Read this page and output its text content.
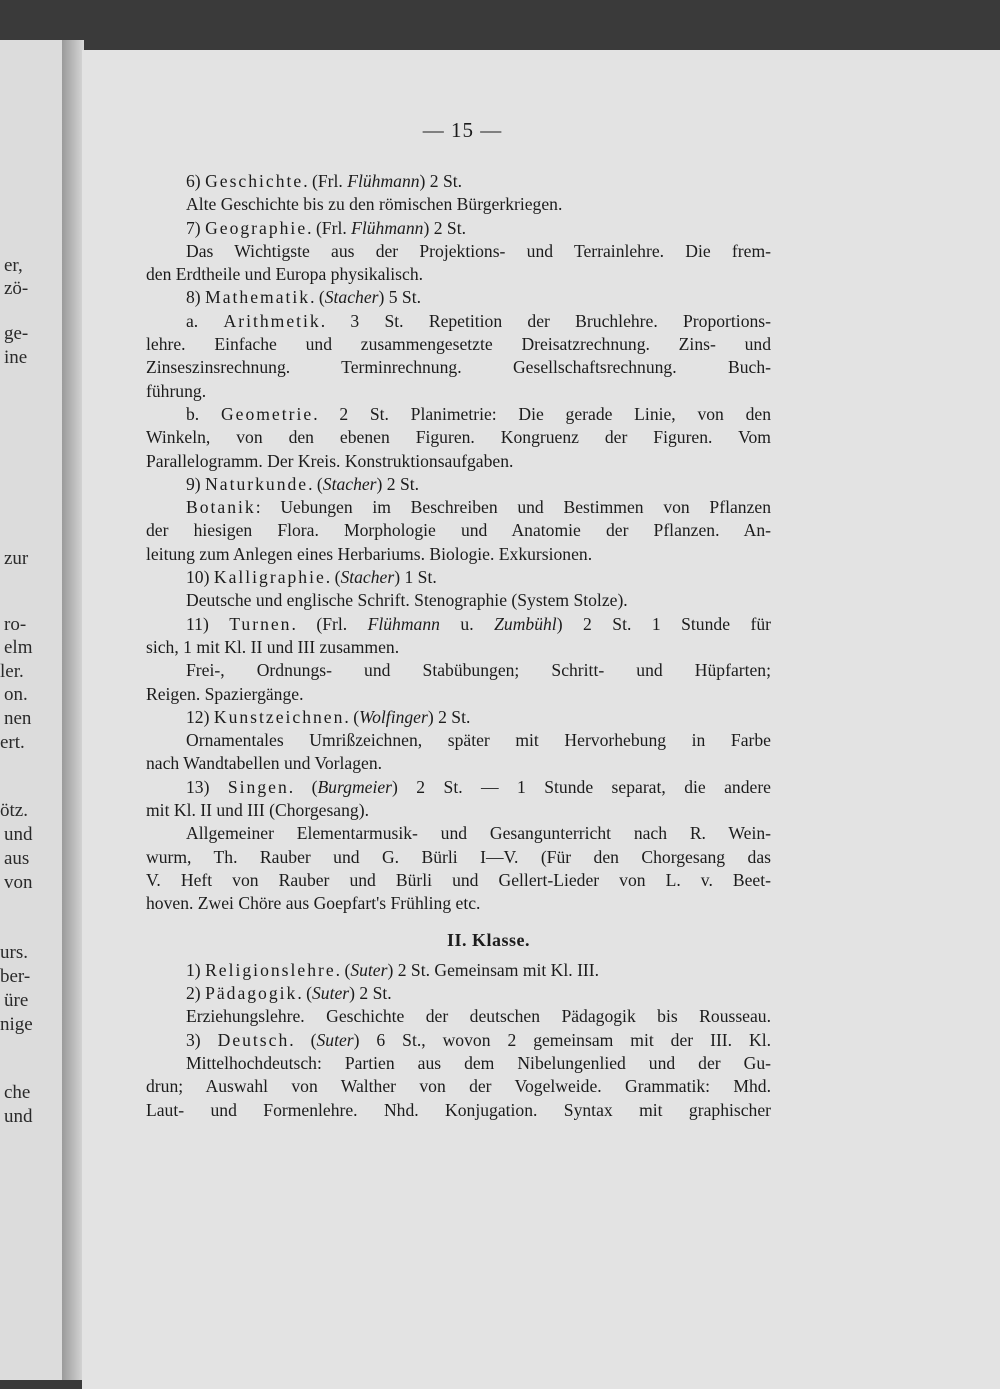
er,
zö-
ge-
ine
zur
ro-
elm
ler.
on.
nen
ert.
ötz.
und
aus
von
urs.
ber-
üre
nige
che
und
— 15 —
6) Geschichte. (Frl. Flühmann) 2 St.
Alte Geschichte bis zu den römischen Bürgerkriegen.
7) Geographie. (Frl. Flühmann) 2 St.
Das Wichtigste aus der Projektions- und Terrainlehre. Die frem-
den Erdtheile und Europa physikalisch.
8) Mathematik. (Stacher) 5 St.
a. Arithmetik. 3 St. Repetition der Bruchlehre. Proportions-
lehre. Einfache und zusammengesetzte Dreisatzrechnung. Zins- und
Zinseszinsrechnung. Terminrechnung. Gesellschaftsrechnung. Buch-
führung.
b. Geometrie. 2 St. Planimetrie: Die gerade Linie, von den
Winkeln, von den ebenen Figuren. Kongruenz der Figuren. Vom
Parallelogramm. Der Kreis. Konstruktionsaufgaben.
9) Naturkunde. (Stacher) 2 St.
Botanik: Uebungen im Beschreiben und Bestimmen von Pflanzen
der hiesigen Flora. Morphologie und Anatomie der Pflanzen. An-
leitung zum Anlegen eines Herbariums. Biologie. Exkursionen.
10) Kalligraphie. (Stacher) 1 St.
Deutsche und englische Schrift. Stenographie (System Stolze).
11) Turnen. (Frl. Flühmann u. Zumbühl) 2 St. 1 Stunde für
sich, 1 mit Kl. II und III zusammen.
Frei-, Ordnungs- und Stabübungen; Schritt- und Hüpfarten;
Reigen. Spaziergänge.
12) Kunstzeichnen. (Wolfinger) 2 St.
Ornamentales Umrißzeichnen, später mit Hervorhebung in Farbe
nach Wandtabellen und Vorlagen.
13) Singen. (Burgmeier) 2 St. — 1 Stunde separat, die andere
mit Kl. II und III (Chorgesang).
Allgemeiner Elementarmusik- und Gesangunterricht nach R. Wein-
wurm, Th. Rauber und G. Bürli I—V. (Für den Chorgesang das
V. Heft von Rauber und Bürli und Gellert-Lieder von L. v. Beet-
hoven. Zwei Chöre aus Goepfart's Frühling etc.
II. Klasse.
1) Religionslehre. (Suter) 2 St. Gemeinsam mit Kl. III.
2) Pädagogik. (Suter) 2 St.
Erziehungslehre. Geschichte der deutschen Pädagogik bis Rousseau.
3) Deutsch. (Suter) 6 St., wovon 2 gemeinsam mit der III. Kl.
Mittelhochdeutsch: Partien aus dem Nibelungenlied und der Gu-
drun; Auswahl von Walther von der Vogelweide. Grammatik: Mhd.
Laut- und Formenlehre. Nhd. Konjugation. Syntax mit graphischer
